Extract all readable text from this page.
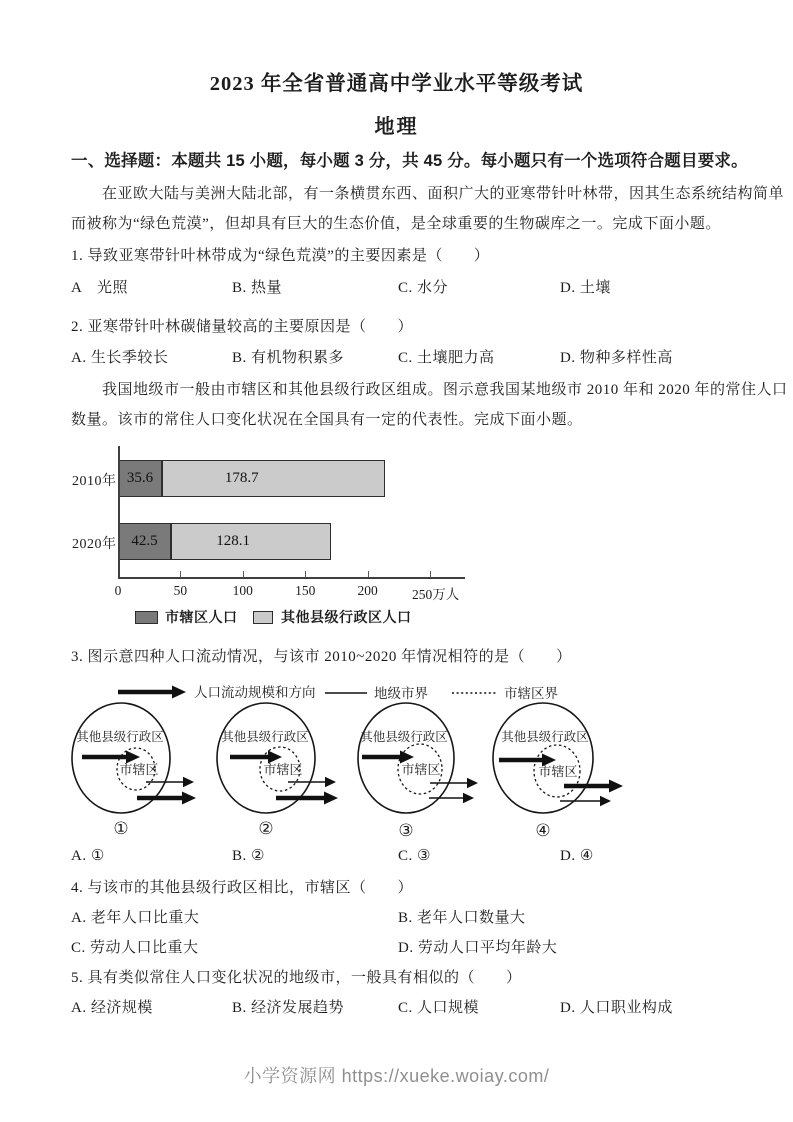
2023 年全省普通高中学业水平等级考试
地理
一、选择题：本题共 15 小题，每小题 3 分，共 45 分。每小题只有一个选项符合题目要求。
在亚欧大陆与美洲大陆北部，有一条横贯东西、面积广大的亚寒带针叶林带，因其生态系统结构简单
而被称为“绿色荒漠”，但却具有巨大的生态价值，是全球重要的生物碳库之一。完成下面小题。
1. 导致亚寒带针叶林带成为“绿色荒漠”的主要因素是（　　）
A　光照	B. 热量	C. 水分	D. 土壤
2. 亚寒带针叶林碳储量较高的主要原因是（　　）
A. 生长季较长	B. 有机物积累多	C. 土壤肥力高	D. 物种多样性高
我国地级市一般由市辖区和其他县级行政区组成。图示意我国某地级市 2010 年和 2020 年的常住人口
数量。该市的常住人口变化状况在全国具有一定的代表性。完成下面小题。
2010年 35.6	178.7
2020年 42.5	128.1
0	50	100	150	200	250万人
市辖区人口	其他县级行政区人口
3. 图示意四种人口流动情况，与该市 2010~2020 年情况相符的是（　　）
人口流动规模和方向	地级市界	市辖区界
其他县级行政区
市辖区
①
其他县级行政区
市辖区
②
其他县级行政区
市辖区
③
其他县级行政区
市辖区
④
A. ①	B. ②	C. ③	D. ④
4. 与该市的其他县级行政区相比，市辖区（　　）
A. 老年人口比重大	B. 老年人口数量大
C. 劳动人口比重大	D. 劳动人口平均年龄大
5. 具有类似常住人口变化状况的地级市，一般具有相似的（　　）
A. 经济规模	B. 经济发展趋势	C. 人口规模	D. 人口职业构成
小学资源网 https://xueke.woiay.com/
